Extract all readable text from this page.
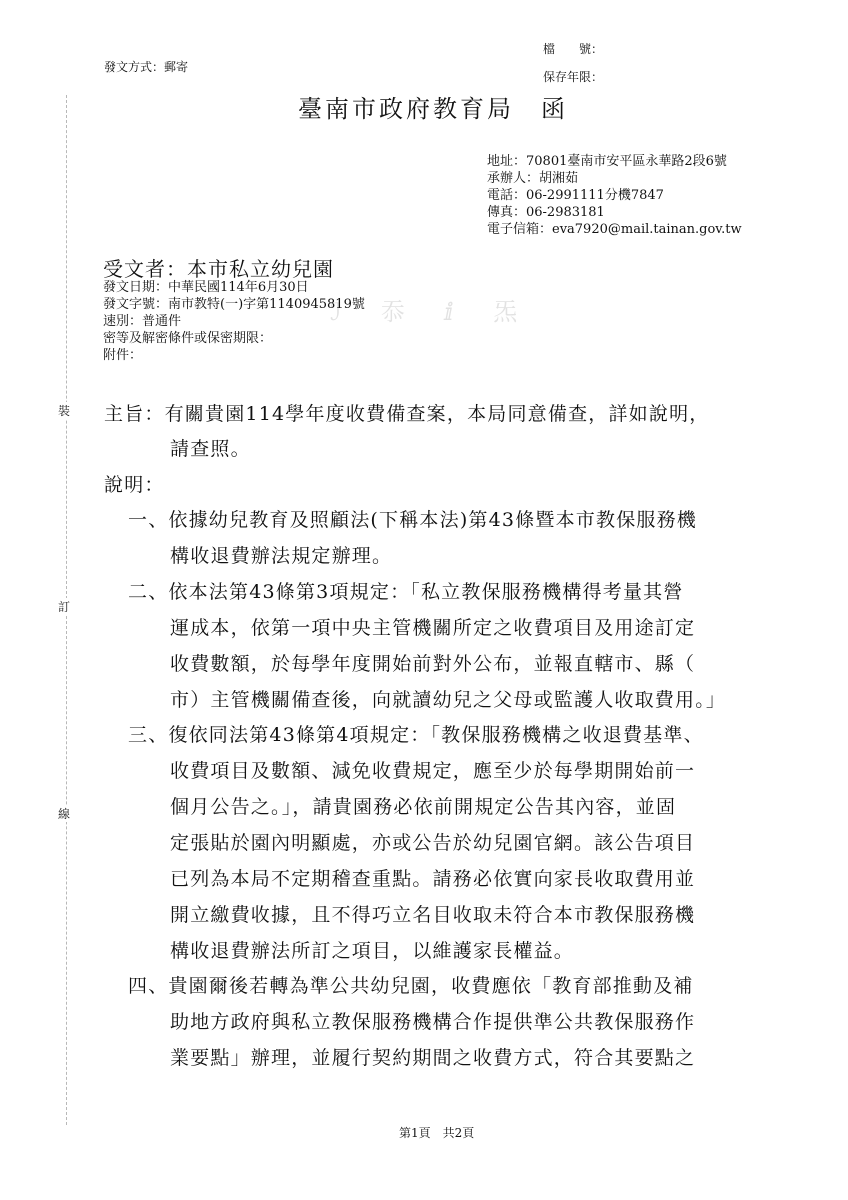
裝
訂
線
發文方式：郵寄
檔　　號：
保存年限：
臺南市政府教育局　函
地址：70801臺南市安平區永華路2段6號
承辦人：胡湘茹
電話：06-2991111分機7847
傳真：06-2983181
電子信箱：eva7920@mail.tainan.gov.tw
ℐ 忝 ⅈ 炁
受文者：本市私立幼兒園
發文日期：中華民國114年6月30日
發文字號：南市教特(一)字第1140945819號
速別：普通件
密等及解密條件或保密期限：
附件：
主旨：有關貴園114學年度收費備查案，本局同意備查，詳如說明，
請查照。
說明：
一、依據幼兒教育及照顧法(下稱本法)第43條暨本市教保服務機
構收退費辦法規定辦理。
二、依本法第43條第3項規定：「私立教保服務機構得考量其營
運成本，依第一項中央主管機關所定之收費項目及用途訂定
收費數額，於每學年度開始前對外公布，並報直轄市、縣（
市）主管機關備查後，向就讀幼兒之父母或監護人收取費用。」
三、復依同法第43條第4項規定：「教保服務機構之收退費基準、
收費項目及數額、減免收費規定，應至少於每學期開始前一
個月公告之。」，請貴園務必依前開規定公告其內容，並固
定張貼於園內明顯處，亦或公告於幼兒園官網。該公告項目
已列為本局不定期稽查重點。請務必依實向家長收取費用並
開立繳費收據，且不得巧立名目收取未符合本市教保服務機
構收退費辦法所訂之項目，以維護家長權益。
四、貴園爾後若轉為準公共幼兒園，收費應依「教育部推動及補
助地方政府與私立教保服務機構合作提供準公共教保服務作
業要點」辦理，並履行契約期間之收費方式，符合其要點之
第1頁　共2頁
